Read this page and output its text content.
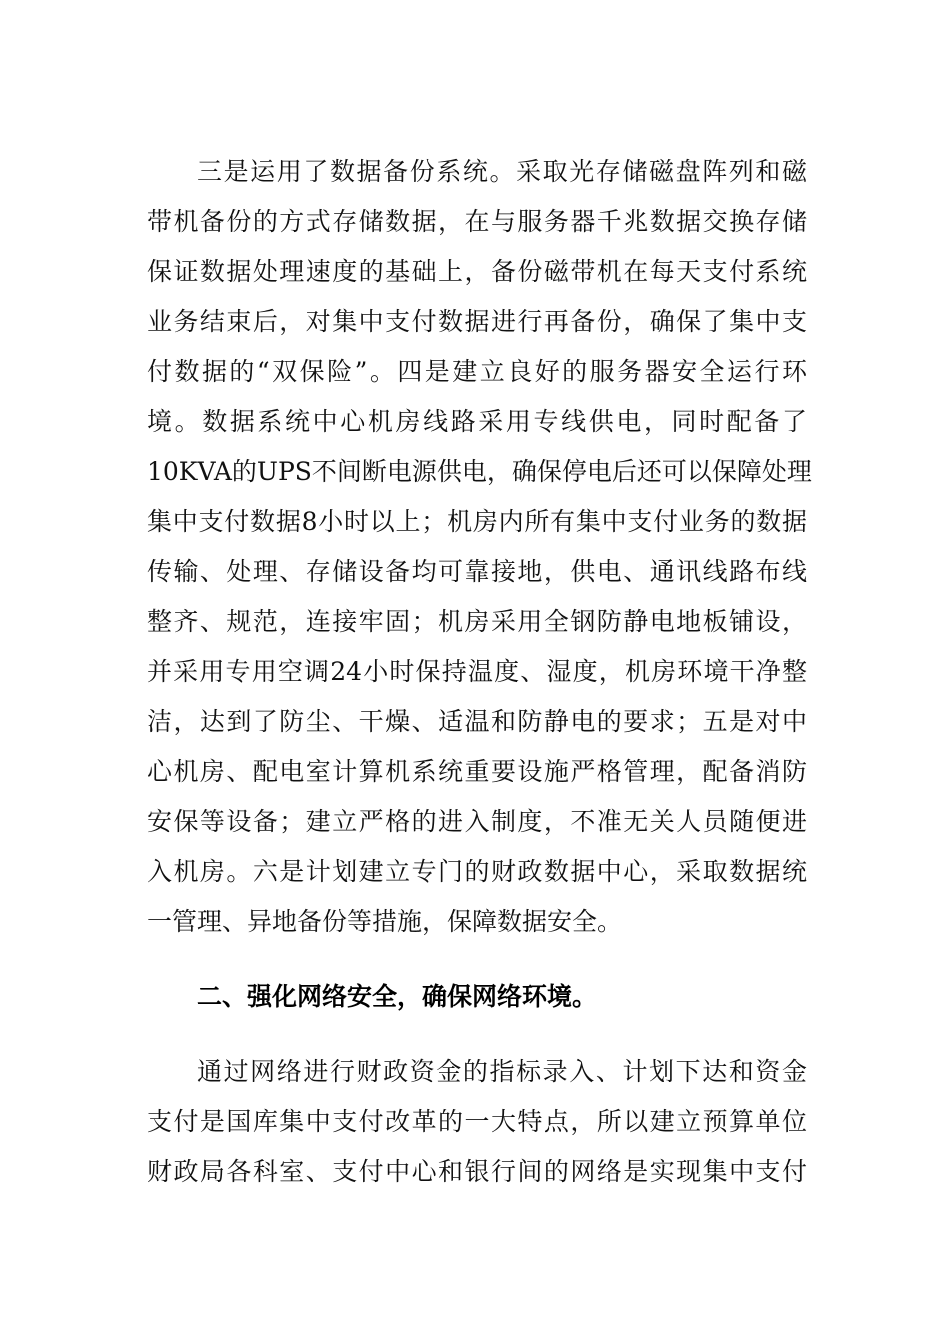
三是运用了数据备份系统。采取光存储磁盘阵列和磁
带机备份的方式存储数据，在与服务器千兆数据交换存储
保证数据处理速度的基础上，备份磁带机在每天支付系统
业务结束后，对集中支付数据进行再备份，确保了集中支
付数据的“双保险”。四是建立良好的服务器安全运行环
境。数据系统中心机房线路采用专线供电，同时配备了
10KVA的UPS不间断电源供电，确保停电后还可以保障处理
集中支付数据8小时以上；机房内所有集中支付业务的数据
传输、处理、存储设备均可靠接地，供电、通讯线路布线
整齐、规范，连接牢固；机房采用全钢防静电地板铺设，
并采用专用空调24小时保持温度、湿度，机房环境干净整
洁，达到了防尘、干燥、适温和防静电的要求；五是对中
心机房、配电室计算机系统重要设施严格管理，配备消防
安保等设备；建立严格的进入制度，不准无关人员随便进
入机房。六是计划建立专门的财政数据中心，采取数据统
一管理、异地备份等措施，保障数据安全。
二、强化网络安全，确保网络环境。
通过网络进行财政资金的指标录入、计划下达和资金
支付是国库集中支付改革的一大特点，所以建立预算单位
财政局各科室、支付中心和银行间的网络是实现集中支付
